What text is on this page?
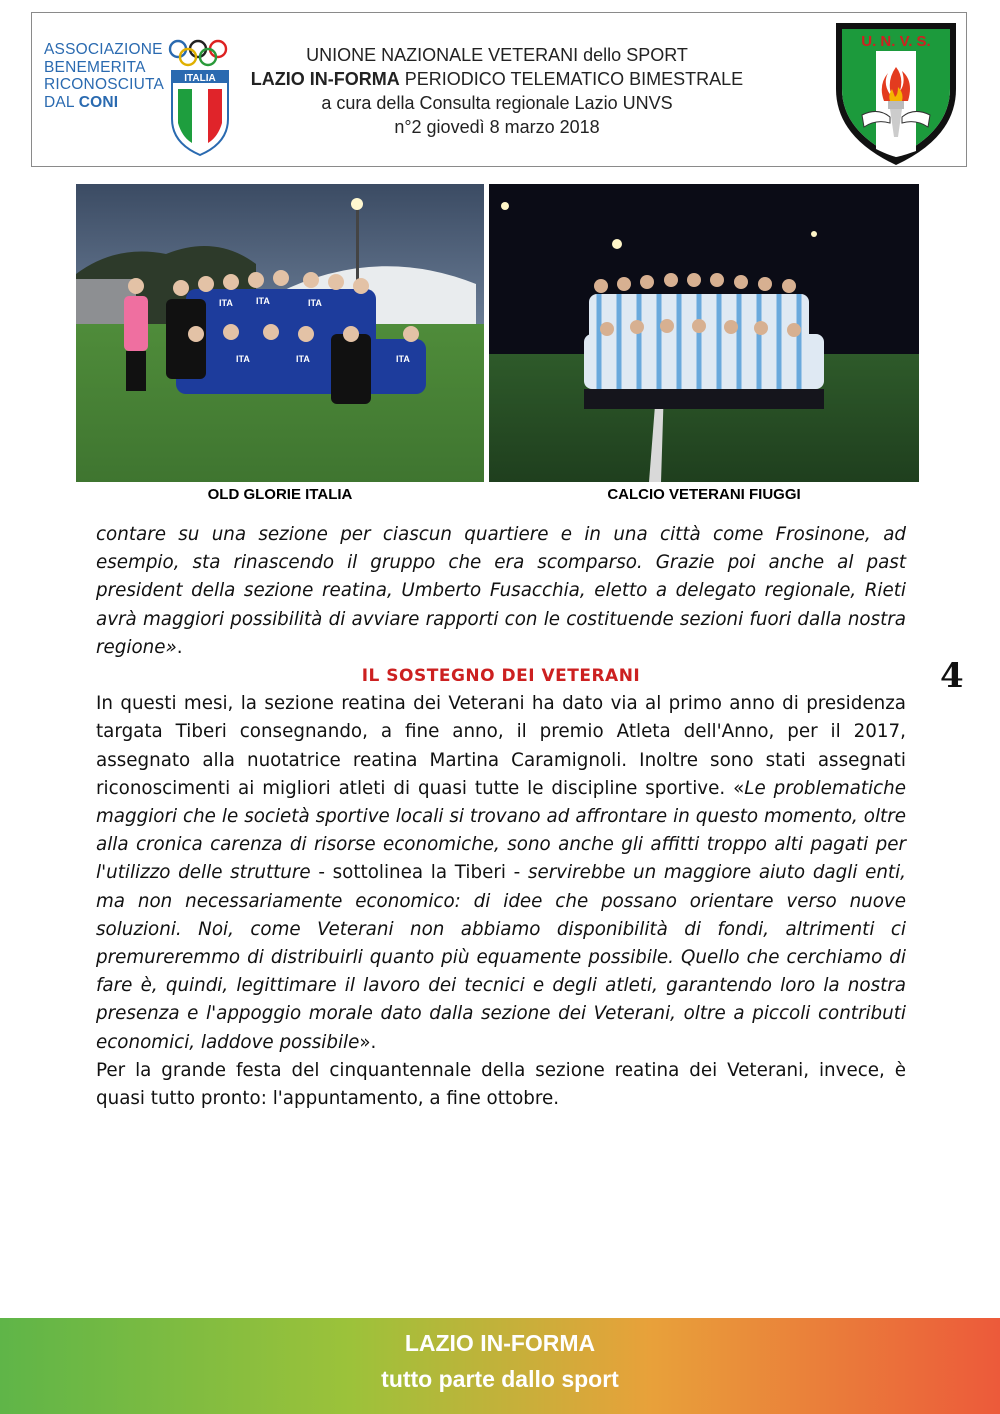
ASSOCIAZIONE
BENEMERITA
RICONOSCIUTA
DAL CONI
ITALIA
UNIONE NAZIONALE VETERANI dello SPORT
LAZIO IN-FORMA PERIODICO TELEMATICO BIMESTRALE
a cura della Consulta regionale Lazio UNVS
n°2 giovedì 8 marzo 2018
U. N. V. S.
ITA	ITA	ITA
ITA	ITA	ITA
OLD GLORIE ITALIA	CALCIO VETERANI FIUGGI

contare su una sezione per ciascun quartiere e in una città come Frosinone, ad esempio, sta rinascendo il gruppo che era scomparso. Grazie poi anche al past president della sezione reatina, Umberto Fusacchia, eletto a delegato regionale, Rieti avrà maggiori possibilità di avviare rapporti con le costituende sezioni fuori dalla nostra regione».

IL SOSTEGNO DEI VETERANI

In questi mesi, la sezione reatina dei Veterani ha dato via al primo anno di presidenza targata Tiberi consegnando, a fine anno, il premio Atleta dell'Anno, per il 2017, assegnato alla nuotatrice reatina Martina Caramignoli. Inoltre sono stati assegnati riconoscimenti ai migliori atleti di quasi tutte le discipline sportive. «Le problematiche maggiori che le società sportive locali si trovano ad affrontare in questo momento, oltre alla cronica carenza di risorse economiche, sono anche gli affitti troppo alti pagati per l'utilizzo delle strutture - sottolinea la Tiberi - servirebbe un maggiore aiuto dagli enti, ma non necessariamente economico: di idee che possano orientare verso nuove soluzioni. Noi, come Veterani non abbiamo disponibilità di fondi, altrimenti ci premureremmo di distribuirli quanto più equamente possibile. Quello che cerchiamo di fare è, quindi, legittimare il lavoro dei tecnici e degli atleti, garantendo loro la nostra presenza e l'appoggio morale dato dalla sezione dei Veterani, oltre a piccoli contributi economici, laddove possibile».

Per la grande festa del cinquantennale della sezione reatina dei Veterani, invece, è quasi tutto pronto: l'appuntamento, a fine ottobre.

4
LAZIO IN-FORMA
tutto parte dallo sport
